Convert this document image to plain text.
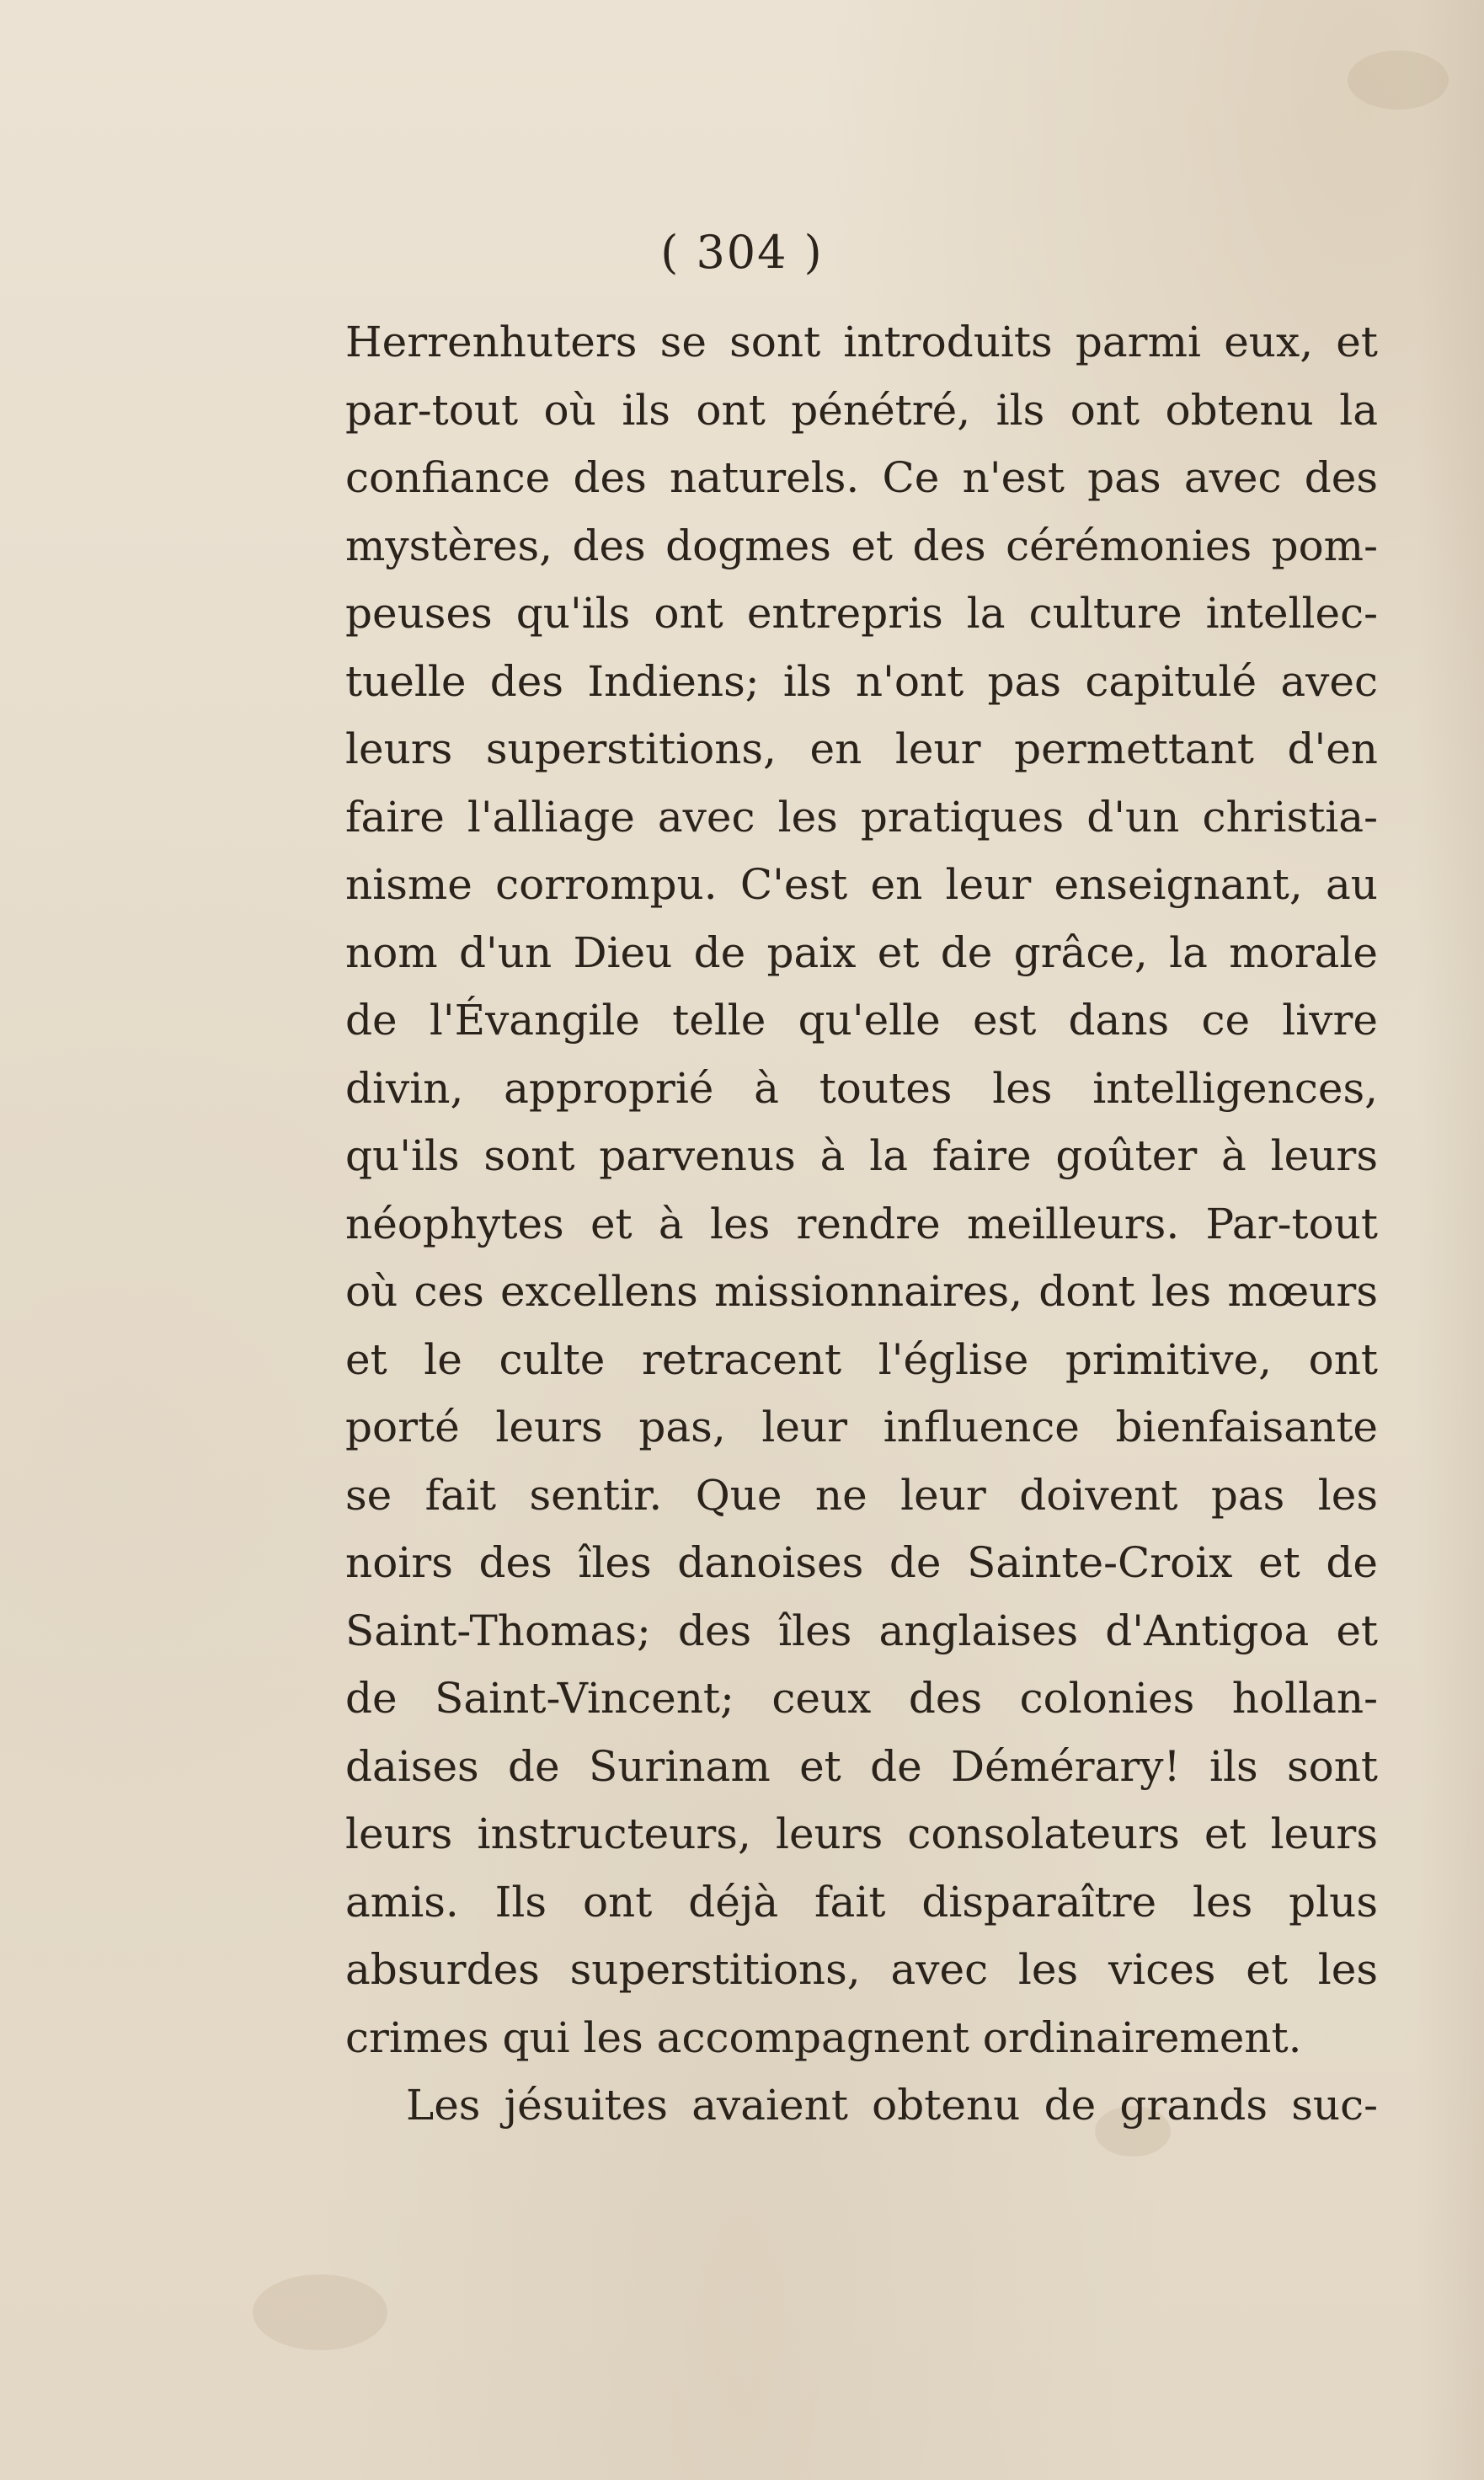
( 304 )
Herrenhuters se sont introduits parmi eux, et
par-tout où ils ont pénétré, ils ont obtenu la
confiance des naturels. Ce n'est pas avec des
mystères, des dogmes et des cérémonies pom-
peuses qu'ils ont entrepris la culture intellec-
tuelle des Indiens; ils n'ont pas capitulé avec
leurs superstitions, en leur permettant d'en
faire l'alliage avec les pratiques d'un christia-
nisme corrompu. C'est en leur enseignant, au
nom d'un Dieu de paix et de grâce, la morale
de l'Évangile telle qu'elle est dans ce livre
divin, approprié à toutes les intelligences,
qu'ils sont parvenus à la faire goûter à leurs
néophytes et à les rendre meilleurs. Par-tout
où ces excellens missionnaires, dont les mœurs
et le culte retracent l'église primitive, ont
porté leurs pas, leur influence bienfaisante
se fait sentir. Que ne leur doivent pas les
noirs des îles danoises de Sainte-Croix et de
Saint-Thomas; des îles anglaises d'Antigoa et
de Saint-Vincent; ceux des colonies hollan-
daises de Surinam et de Démérary! ils sont
leurs instructeurs, leurs consolateurs et leurs
amis. Ils ont déjà fait disparaître les plus
absurdes superstitions, avec les vices et les
crimes qui les accompagnent ordinairement.
Les jésuites avaient obtenu de grands suc-
